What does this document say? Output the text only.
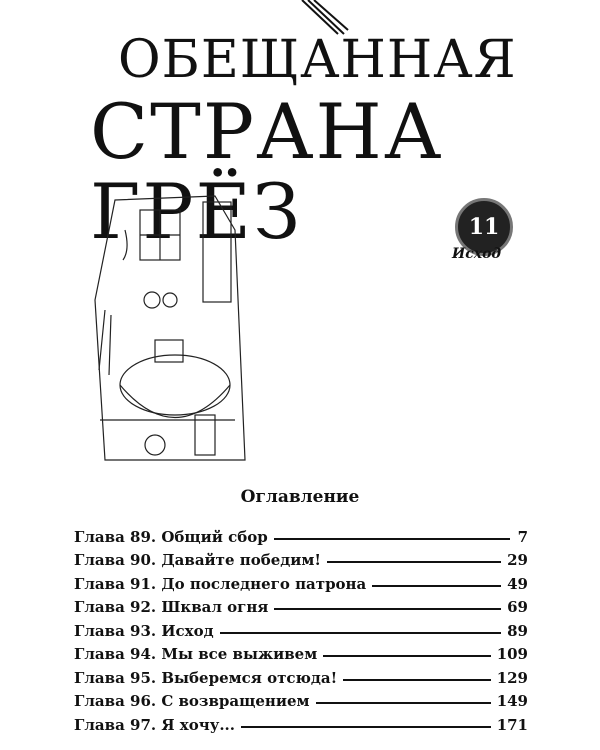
ОБЕЩАННАЯ
СТРАНА ГРЁЗ	11
Исход
Оглавление
Глава 89. Общий сбор	7
Глава 90. Давайте победим!	29
Глава 91. До последнего патрона	49
Глава 92. Шквал огня	69
Глава 93. Исход	89
Глава 94. Мы все выживем	109
Глава 95. Выберемся отсюда!	129
Глава 96. С возвращением	149
Глава 97. Я хочу...	171
